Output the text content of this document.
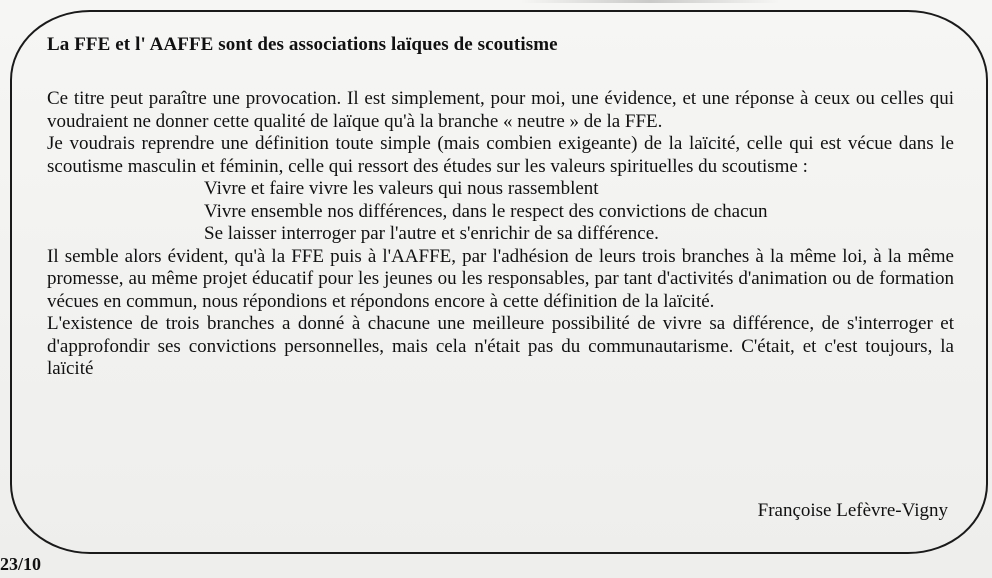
La FFE et l' AAFFE sont des associations laïques de scoutisme

Ce titre peut paraître une provocation. Il est simplement, pour moi, une évidence, et une réponse à ceux ou celles qui voudraient ne donner cette qualité de laïque qu'à la branche « neutre » de la FFE.

Je voudrais reprendre une définition toute simple (mais combien exigeante) de la laïcité, celle qui est vécue dans le scoutisme masculin et féminin, celle qui ressort des études sur les valeurs spirituelles du scoutisme :

Vivre et faire vivre les valeurs qui nous rassemblent
Vivre ensemble nos différences, dans le respect des convictions de chacun
Se laisser interroger par l'autre et s'enrichir de sa différence.

Il semble alors évident, qu'à la FFE puis à l'AAFFE, par l'adhésion de leurs trois branches à la même loi, à la même promesse, au même projet éducatif pour les jeunes ou les responsables, par tant d'activités d'animation ou de formation vécues en commun, nous répondions et répondons encore à cette définition de la laïcité.

L'existence de trois branches a donné à chacune une meilleure possibilité de vivre sa différence, de s'interroger et d'approfondir ses convictions personnelles, mais cela n'était pas du communautarisme. C'était, et c'est toujours, la laïcité

Françoise Lefèvre-Vigny
23/10
